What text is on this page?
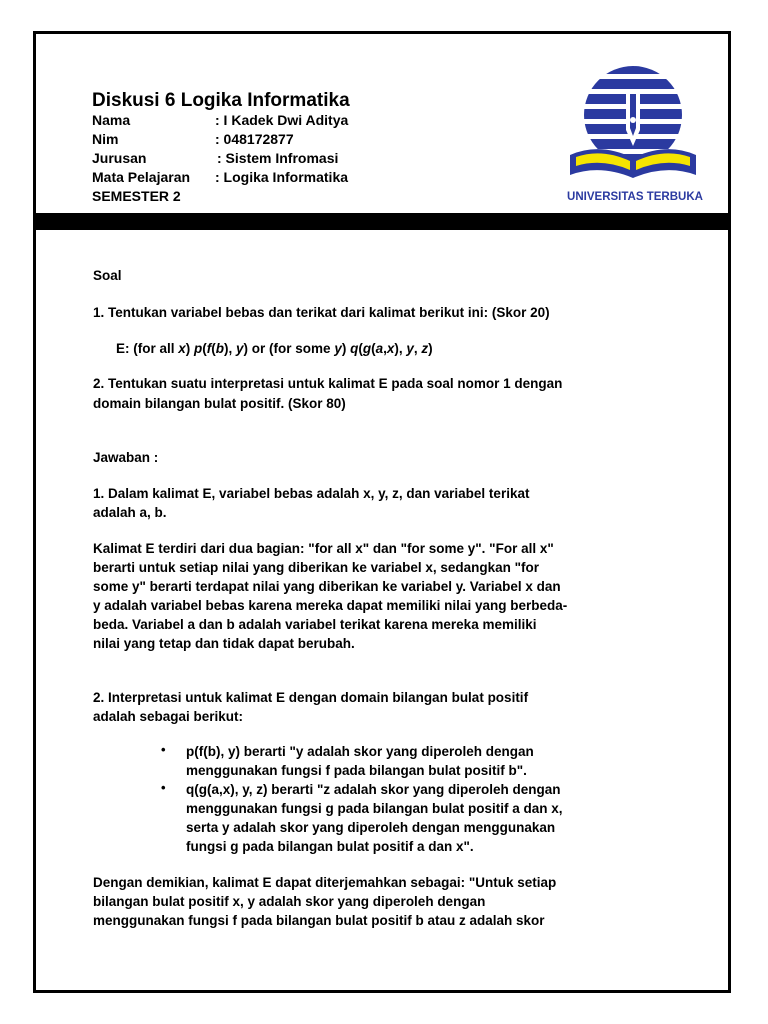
Diskusi 6 Logika Informatika
Nama	: I Kadek Dwi Aditya
Nim	: 048172877
Jurusan	: Sistem Infromasi
Mata Pelajaran : Logika Informatika
SEMESTER 2	UNIVERSITAS TERBUKA
Soal
1. Tentukan variabel bebas dan terikat dari kalimat berikut ini: (Skor 20)
E: (for all x) p(f(b), y) or (for some y) q(g(a,x), y, z)
2. Tentukan suatu interpretasi untuk kalimat E pada soal nomor 1 dengan
domain bilangan bulat positif. (Skor 80)
Jawaban :
1. Dalam kalimat E, variabel bebas adalah x, y, z, dan variabel terikat
adalah a, b.
Kalimat E terdiri dari dua bagian: "for all x" dan "for some y". "For all x"
berarti untuk setiap nilai yang diberikan ke variabel x, sedangkan "for
some y" berarti terdapat nilai yang diberikan ke variabel y. Variabel x dan
y adalah variabel bebas karena mereka dapat memiliki nilai yang berbeda-
beda. Variabel a dan b adalah variabel terikat karena mereka memiliki
nilai yang tetap dan tidak dapat berubah.
2. Interpretasi untuk kalimat E dengan domain bilangan bulat positif
adalah sebagai berikut:
• p(f(b), y) berarti "y adalah skor yang diperoleh dengan
menggunakan fungsi f pada bilangan bulat positif b".
• q(g(a,x), y, z) berarti "z adalah skor yang diperoleh dengan
menggunakan fungsi g pada bilangan bulat positif a dan x,
serta y adalah skor yang diperoleh dengan menggunakan
fungsi g pada bilangan bulat positif a dan x".
Dengan demikian, kalimat E dapat diterjemahkan sebagai: "Untuk setiap
bilangan bulat positif x, y adalah skor yang diperoleh dengan
menggunakan fungsi f pada bilangan bulat positif b atau z adalah skor
